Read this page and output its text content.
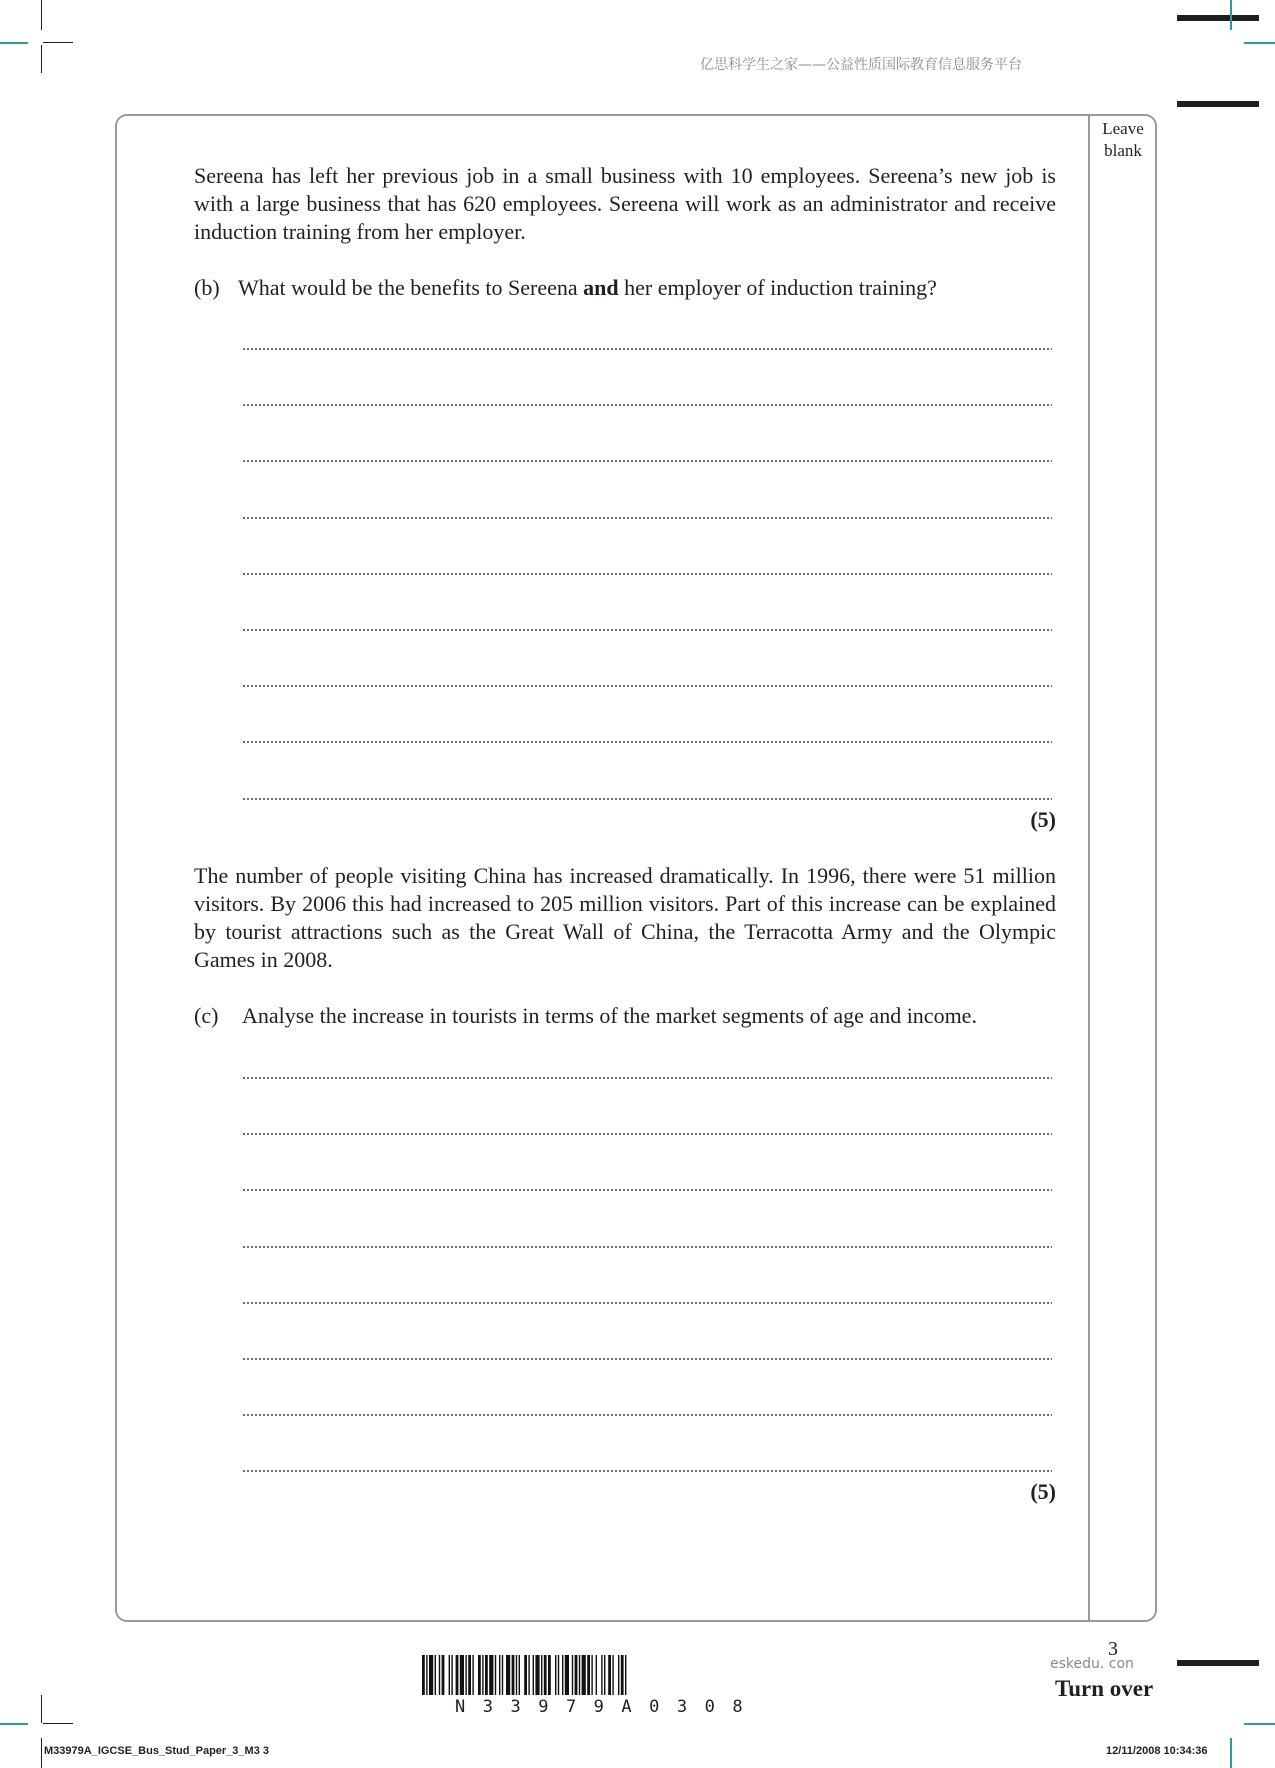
亿思科学生之家——公益性质国际教育信息服务平台
Leave blank
Sereena has left her previous job in a small business with 10 employees. Sereena’s new job is with a large business that has 620 employees. Sereena will work as an administrator and receive induction training from her employer.
(b) What would be the benefits to Sereena and her employer of induction training?
(5)
The number of people visiting China has increased dramatically. In 1996, there were 51 million visitors. By 2006 this had increased to 205 million visitors. Part of this increase can be explained by tourist attractions such as the Great Wall of China, the Terracotta Army and the Olympic Games in 2008.
(c) Analyse the increase in tourists in terms of the market segments of age and income.
(5)
N33979A0308
3
eskedu. con
Turn over
M33979A_IGCSE_Bus_Stud_Paper_3_M3 3	12/11/2008 10:34:36
